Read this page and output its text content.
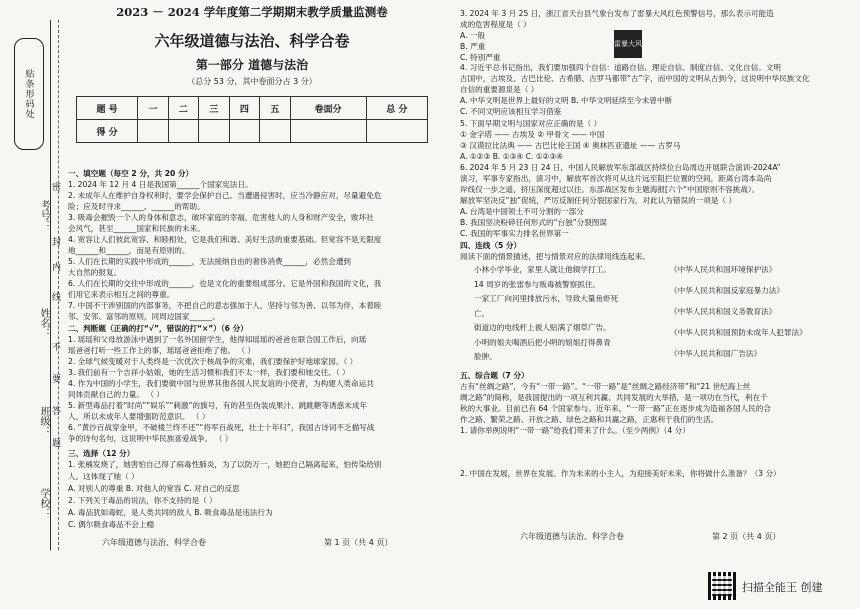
贴条形码处
考号：
姓名：
班级：
学校：
密
封
线
内
不
要
答
题
2023 － 2024 学年度第二学期期末教学质量监测卷
六年级道德与法治、科学合卷
第一部分 道德与法治
（总分 53 分，其中卷面分占 3 分）
题 号	一	二	三	四	五	卷面分	总 分
得 分							
一、填空题（每空 2 分，共 20 分）
1. 2024 年 12 月 4 日是我国第______个国家宪法日。
2. 未成年人在维护自身权利时，要学会保护自己。当遭遇侵害时，应当冷静应对，尽量避免危
险；应及时寻求______、______的帮助。
3. 吸毒会摧毁一个人的身体和意志，破坏家庭的幸福，危害他人的人身和财产安全，败坏社
会风气，甚至______国家和民族的未来。
4. 宽容让人们彼此宽容、和睦相处，它是我们和谐、美好生活的重要基础。但宽容不是无限度
地______和______，而是有原则的。
5. 人们在长期的实践中形成的______，无法接纳自由的奢侈消费______，必然会遭到
大自然的报复。
6. 人们在长期的交往中形成的______，也是文化的重要组成部分。它是外国和我国的文化，我
们用它来表示相互之间的尊重。
7. 中国不干涉别国的内部事务，不把自己的意志强加于人，坚持与邻为善、以邻为伴，本着睦
邻、安邻、富邻的原则，同周边国家______。
二、判断题（正确的打“√”，错误的打“×”）（6 分）
1. 瑶瑶和父母放游泳中遇到了一名外国留学生，他得知瑶瑶的爸爸在联合国工作后，向瑶
瑶爸爸打听一些工作上的事，瑶瑶爸爸拒绝了他。 （ ）
2. 全球气候变暖对于人类终是一次优次于核战争的灾难，我们要保护好地球家园。（ ）
3. 我们前有一个吉祥小姑娘，她的生活习惯和我们不太一样，我们要和她交往。（ ）
4. 作为中国的小学生，我们要做中国与世界其他各国人民友谊的小使者，为构建人类命运共
同体贡献自己的力量。 （ ）
5. 新型毒品打着“时尚”“娱乐”“刺激”的旗号，有的甚至伪装成果汁、跳跳糖等诱惑未成年
人，所以未成年人要增强防范意识。 （ ）
6. “黄沙百战穿金甲，不破楼兰终不还”“将军百战死，壮士十年归”，我国古诗词不乏描写战
争的诗句名句，这说明中华民族喜爱战争。 （ ）
三、选择（12 分）
1. 张楠发烧了，她害怕自己得了病毒性肺炎，为了以防万一，她把自己隔离起来，怕传染给别
人。这体现了她（ ）
A. 对别人的尊重 B. 对他人的宽容 C. 对自己的反思
2. 下列关于毒品的说法，你不支持的是（ ）
A. 毒品犹如毒蛇，是人类共同的敌人 B. 吸食毒品是违法行为
C. 偶尔吸食毒品不会上瘾
六年级道德与法治、科学合卷	第 1 页（共 4 页）
3. 2024 年 3 月 25 日，浙江省天台县气象台发布了雷暴大风红色预警信号，那么表示可能造
成的危害程度是（ ）
A. 一般
B. 严重
C. 特别严重
雷暴大风
4. 习近平总书记指出，我们要加强四个自信：道路自信、理论自信、制度自信、文化自信。文明
古国中，古埃及、古巴比伦、古希腊、古罗马都带“古”字，而中国的文明从古到今，这说明中华民族文化
自信的重要源泉是（ ）
A. 中华文明是世界上最好的文明 B. 中华文明延续至今未曾中断
C. 不同文明应该相互学习借鉴
5. 下面早期文明与国家对应正确的是（ ）
① 金字塔 —— 古埃及 ② 甲骨文 —— 中国
③ 汉谟拉比法典 —— 古巴比伦王国 ④ 奥林匹亚遗址 —— 古罗马
A. ①②③ B. ①③④ C. ①②③④
6. 2024 年 5 月 23 日 24 日，中国人民解放军东部战区持续位台岛周边开展联合演训-2024A”
演习，军事专家指出，演习中，解放军首次将可从这片远至阻拦位置的空间，距离台湾本岛尚
岸线仅一步之遥，挤压深度超过以往。东部战区发布主题海报[六个“中国原则不容挑战）。
解放军坚决反“独”促统，严厉反制任何分裂国家行为，对此认为错误的一项是（ ）
A. 台湾是中国领土不可分割的一部分
B. 我国坚决粉碎任何形式的“台独”分裂图谋
C. 我国的军事实力排名世界第一
四、连线（5 分）
阅读下面的情景描述，把与情景对应的法律用线连起来。
小林小学毕业，家里人就让他辍学打工。
14 周岁的张雷参与贩毒被警察抓住。
一家工厂向河里排放污水，导致大量鱼虾死
亡。
街道边的电线杆上被人贴满了烟草广告。
小明的姐夫喝酒后把小明的姐姐打得鼻青
脸肿。
《中华人民共和国环境保护法》
《中华人民共和国反家庭暴力法》
《中华人民共和国义务教育法》
《中华人民共和国预防未成年人犯罪法》
《中华人民共和国广告法》
五、综合题（7 分）
古有“丝绸之路”，今有“一带一路”。“一带一路”是“丝绸之路经济带”和“21 世纪海上丝
绸之路”的简称，是我国提出的一项互利共赢、共同发展的大举措，是一项功在当代，利在千
秋的大事业。目前已有 64 个国家参与。近年来，“一带一路”正在逐步成为造福各国人民的合
作之路、繁荣之路、开放之路、绿色之路和共赢之路，正惠利于我们的生活。
1. 请你举例说明“一带一路”给我们带来了什么。（至少两例）（4 分）
2. 中国在发展，世界在发展。作为未来的小主人，为迎接美好未来，你将做什么准备？（3 分）
六年级道德与法治、科学合卷	第 2 页（共 4 页）
扫描全能王 创建
